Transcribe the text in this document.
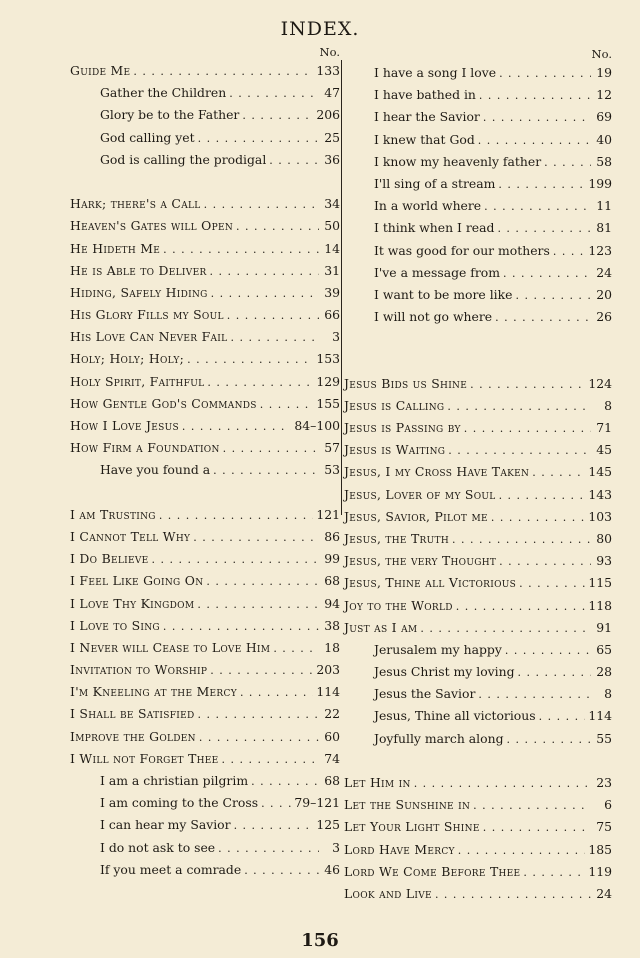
INDEX.
No.
Guide Me . . .	133
Gather the Children . . .	47
Glory be to the Father . . .	206
God calling yet . . .	25
God is calling the prodigal . . .	36
Hark; there's a Call . . .	34
Heaven's Gates will Open . . .	50
He Hideth Me . . .	14
He is Able to Deliver . . .	31
Hiding, Safely Hiding . . .	39
His Glory Fills my Soul . . .	66
His Love Can Never Fail . . .	3
Holy; Holy; Holy; . . .	153
Holy Spirit, Faithful . . .	129
How Gentle God's Commands . . .	155
How I Love Jesus . . .	84–100
How Firm a Foundation . . .	57
Have you found a . . .	53
I am Trusting . . .	121
I Cannot Tell Why . . .	86
I Do Believe . . .	99
I Feel Like Going On . . .	68
I Love Thy Kingdom . . .	94
I Love to Sing . . .	38
I Never will Cease to Love Him . . .	18
Invitation to Worship . . .	203
I'm Kneeling at the Mercy . . .	114
I Shall be Satisfied . . .	22
Improve the Golden . . .	60
I Will not Forget Thee . . .	74
I am a christian pilgrim . . .	68
I am coming to the Cross . . .	79–121
I can hear my Savior . . .	125
I do not ask to see . . .	3
If you meet a comrade . . .	46
No.
I have a song I love . . .	19
I have bathed in . . .	12
I hear the Savior . . .	69
I knew that God . . .	40
I know my heavenly father . . .	58
I'll sing of a stream . . .	199
In a world where . . .	11
I think when I read . . .	81
It was good for our mothers . . .	123
I've a message from . . .	24
I want to be more like . . .	20
I will not go where . . .	26
Jesus Bids us Shine . . .	124
Jesus is Calling . . .	8
Jesus is Passing by . . .	71
Jesus is Waiting . . .	45
Jesus, I my Cross Have Taken . . .	145
Jesus, Lover of my Soul . . .	143
Jesus, Savior, Pilot me . . .	103
Jesus, the Truth . . .	80
Jesus, the very Thought . . .	93
Jesus, Thine all Victorious . . .	115
Joy to the World . . .	118
Just as I am . . .	91
Jerusalem my happy . . .	65
Jesus Christ my loving . . .	28
Jesus the Savior . . .	8
Jesus, Thine all victorious . . .	114
Joyfully march along . . .	55
Let Him in . . .	23
Let the Sunshine in . . .	6
Let Your Light Shine . . .	75
Lord Have Mercy . . .	185
Lord We Come Before Thee . . .	119
Look and Live . . .	24
156
